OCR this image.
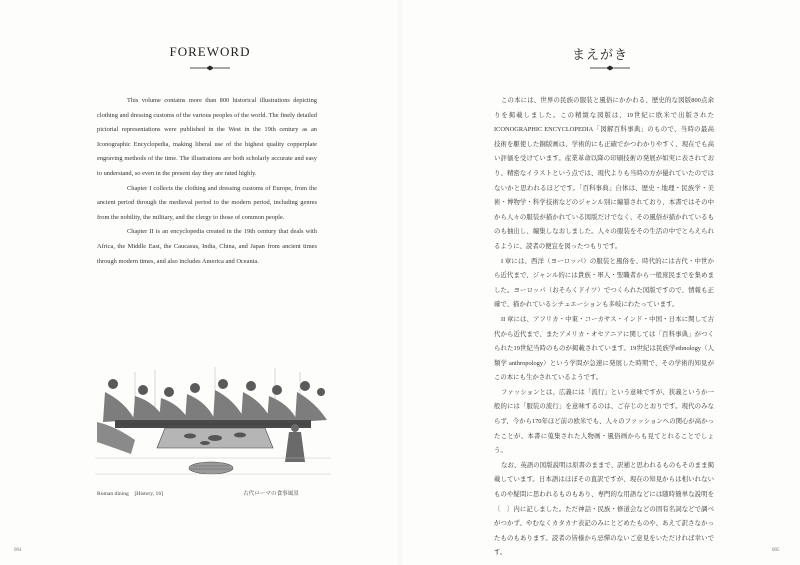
FOREWORD

This volume contains more than 800 historical illustrations depicting clothing and dressing customs of the various peoples of the world. The finely detailed pictorial representations were published in the West in the 19th century as an Iconographic Encyclopedia, making liberal use of the highest quality copperplate engraving methods of the time. The illustrations are both scholarly accurate and easy to understand, so even in the present day they are rated highly.

Chapter I collects the clothing and dressing customs of Europe, from the ancient period through the medieval period to the modern period, including genres from the nobility, the military, and the clergy to those of common people.

Chapter II is an encyclopedia created in the 19th century that deals with Africa, the Middle East, the Caucasus, India, China, and Japan from ancient times through modern times, and also includes America and Oceania.

Roman dining　[History, 16]	古代ローマの食事風景
004
まえがき

この本には、世界の民族の服装と風俗にかかわる、歴史的な図版800点余りを掲載しました。この精緻な図版は、19世紀に欧米で出版されたICONOGRAPHIC ENCYCLOPEDIA「図解百科事典」のもので、当時の最高技術を駆使した銅版画は、学術的にも正確でかつわかりやすく、現在でも高い評価を受けています。産業革命以降の印刷技術の発展が如実に表されており、精密なイラストという点では、現代よりも当時の方が優れていたのではないかと思われるほどです。「百科事典」自体は、歴史・地理・民族学・美術・博物学・科学技術などのジャンル別に編纂されており、本書ではその中から人々の服装が描かれている図版だけでなく、その風俗が描かれているものも抽出し、編集しなおしました。人々の服装をその生活の中でとらえられるように、読者の便宜を図ったつもりです。

I 章には、西洋（ヨーロッパ）の服装と風俗を、時代的には古代・中世から近代まで、ジャンル的には貴族・軍人・聖職者から一般庶民までを集めました。ヨーロッパ（おそらくドイツ）でつくられた図版ですので、情報も正確で、描かれているシチュエーションも多岐にわたっています。

II 章には、アフリカ・中東・コーカサス・インド・中国・日本に関して古代から近代まで、またアメリカ・オセアニアに関しては「百科事典」がつくられた19世紀当時のものが掲載されています。19世紀は民族学ethnology（人類学 anthropology）という学問が急速に発展した時期で、その学術的知見がこの本にも生かされているようです。

ファッションとは、広義には「流行」という意味ですが、狭義というか一般的には「服装の流行」を意味するのは、ご存じのとおりです。現代のみならず、今から170年ほど前の欧米でも、人々のファッションへの関心が高かったことが、本書に蒐集された人物画・風俗画からも見てとれることでしょう。

なお、英語の図版説明は原書のままで、訳補と思われるものもそのまま掲載しています。日本語はほぼその直訳ですが、現在の知見からは相いれないものや疑問に思われるものもあり、専門的な用語などには随時簡単な説明を〔　〕内に記しました。ただ神話・民族・修道会などの固有名詞などで調べがつかず、やむなくカタカナ表記のみにとどめたものや、あえて訳さなかったものもあります。読者の皆様から忌憚のないご意見をいただければ幸いです。	005
